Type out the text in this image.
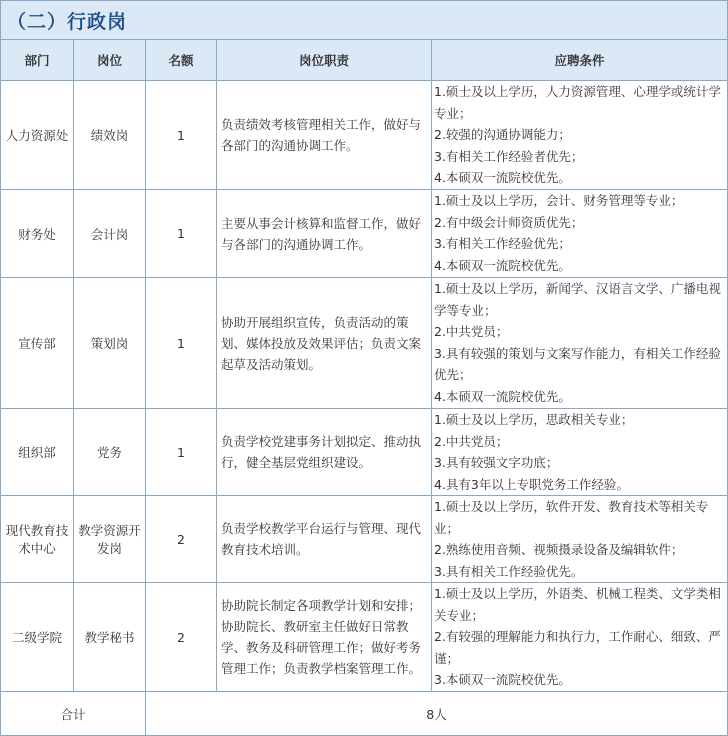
（二）行政岗
部门	岗位	名额	岗位职责	应聘条件
人力资源处	绩效岗	1	负责绩效考核管理相关工作，做好与各部门的沟通协调工作。	1.硕士及以上学历，人力资源管理、心理学或统计学专业；
2.较强的沟通协调能力；
3.有相关工作经验者优先；
4.本硕双一流院校优先。

财务处	会计岗	1	主要从事会计核算和监督工作，做好与各部门的沟通协调工作。	1.硕士及以上学历，会计、财务管理等专业；
2.有中级会计师资质优先；
3.有相关工作经验优先；
4.本硕双一流院校优先。

宣传部	策划岗	1	协助开展组织宣传，负责活动的策划、媒体投放及效果评估；负责文案起草及活动策划。	1.硕士及以上学历，新闻学、汉语言文学、广播电视学等专业；
2.中共党员；
3.具有较强的策划与文案写作能力，有相关工作经验优先；
4.本硕双一流院校优先。

组织部	党务	1	负责学校党建事务计划拟定、推动执行，健全基层党组织建设。	1.硕士及以上学历，思政相关专业；
2.中共党员；
3.具有较强文字功底；
4.具有3年以上专职党务工作经验。

现代教育技术中心	教学资源开发岗	2	负责学校教学平台运行与管理、现代教育技术培训。	1.硕士及以上学历，软件开发、教育技术等相关专业；
2.熟练使用音频、视频摄录设备及编辑软件；
3.具有相关工作经验优先。

二级学院	教学秘书	2	协助院长制定各项教学计划和安排；协助院长、教研室主任做好日常教学、教务及科研管理工作；做好考务管理工作；负责教学档案管理工作。	1.硕士及以上学历，外语类、机械工程类、文学类相关专业；
2.有较强的理解能力和执行力，工作耐心、细致、严谨；
3.本硕双一流院校优先。

合计		8人		
